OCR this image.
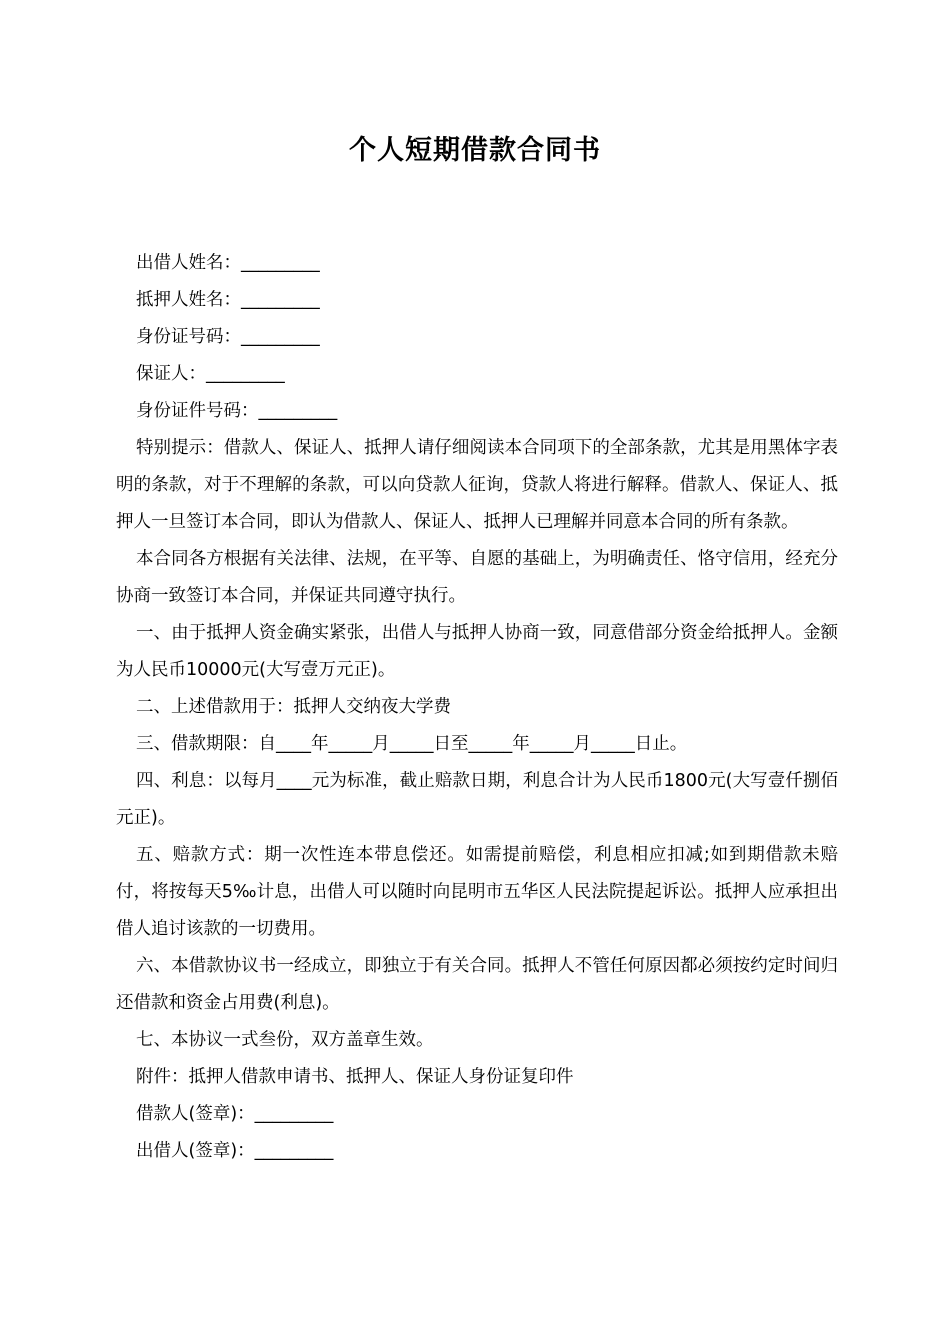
个人短期借款合同书

出借人姓名：_________

抵押人姓名：_________

身份证号码：_________

保证人：_________

身份证件号码：_________

特别提示：借款人、保证人、抵押人请仔细阅读本合同项下的全部条款，尤其是用黑体字表明的条款，对于不理解的条款，可以向贷款人征询，贷款人将进行解释。借款人、保证人、抵押人一旦签订本合同，即认为借款人、保证人、抵押人已理解并同意本合同的所有条款。

本合同各方根据有关法律、法规，在平等、自愿的基础上，为明确责任、恪守信用，经充分协商一致签订本合同，并保证共同遵守执行。

一、由于抵押人资金确实紧张，出借人与抵押人协商一致，同意借部分资金给抵押人。金额为人民币10000元(大写壹万元正)。

二、上述借款用于：抵押人交纳夜大学费

三、借款期限：自____年_____月_____日至_____年_____月_____日止。

四、利息：以每月____元为标准，截止赔款日期，利息合计为人民币1800元(大写壹仟捌佰元正)。

五、赔款方式：期一次性连本带息偿还。如需提前赔偿，利息相应扣减;如到期借款未赔付，将按每天5‰计息，出借人可以随时向昆明市五华区人民法院提起诉讼。抵押人应承担出借人追讨该款的一切费用。

六、本借款协议书一经成立，即独立于有关合同。抵押人不管任何原因都必须按约定时间归还借款和资金占用费(利息)。

七、本协议一式叁份，双方盖章生效。

附件：抵押人借款申请书、抵押人、保证人身份证复印件

借款人(签章)：_________

出借人(签章)：_________
